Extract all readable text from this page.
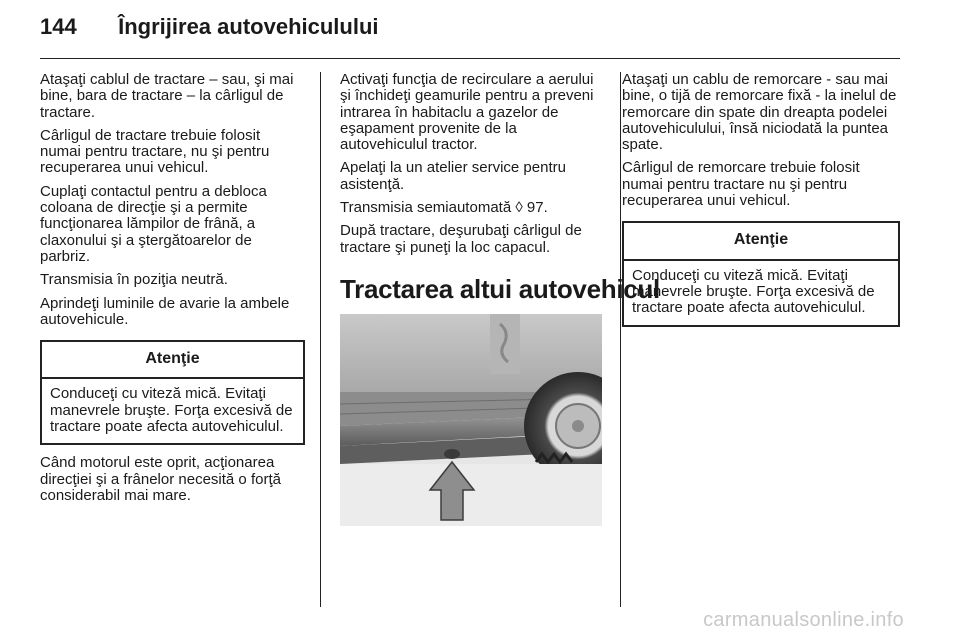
144 Îngrijirea autovehiculului

Ataşaţi cablul de tractare – sau, şi mai bine, bara de tractare – la cârligul de tractare.

Cârligul de tractare trebuie folosit numai pentru tractare, nu şi pentru recuperarea unui vehicul.

Cuplaţi contactul pentru a debloca coloana de direcţie şi a permite funcţionarea lămpilor de frână, a claxonului şi a ştergătoarelor de parbriz.

Transmisia în poziţia neutră.

Aprindeţi luminile de avarie la ambele autovehicule.

Atenţie
Conduceţi cu viteză mică. Evitaţi manevrele bruşte. Forţa excesivă de tractare poate afecta autovehiculul.

Când motorul este oprit, acţionarea direcţiei şi a frânelor necesită o forţă considerabil mai mare.

Activaţi funcţia de recirculare a aerului şi închideţi geamurile pentru a preveni intrarea în habitaclu a gazelor de eşapament provenite de la autovehiculul tractor.

Apelaţi la un atelier service pentru asistenţă.

Transmisia semiautomată ◊ 97.

După tractare, deşurubaţi cârligul de tractare şi puneţi la loc capacul.

Tractarea altui autovehicul

Ataşaţi un cablu de remorcare - sau mai bine, o tijă de remorcare fixă - la inelul de remorcare din spate din dreapta podelei autovehiculului, însă niciodată la puntea spate.

Cârligul de remorcare trebuie folosit numai pentru tractare nu şi pentru recuperarea unui vehicul.

Atenţie
Conduceţi cu viteză mică. Evitaţi manevrele bruşte. Forţa excesivă de tractare poate afecta autovehiculul.
carmanualsonline.info
